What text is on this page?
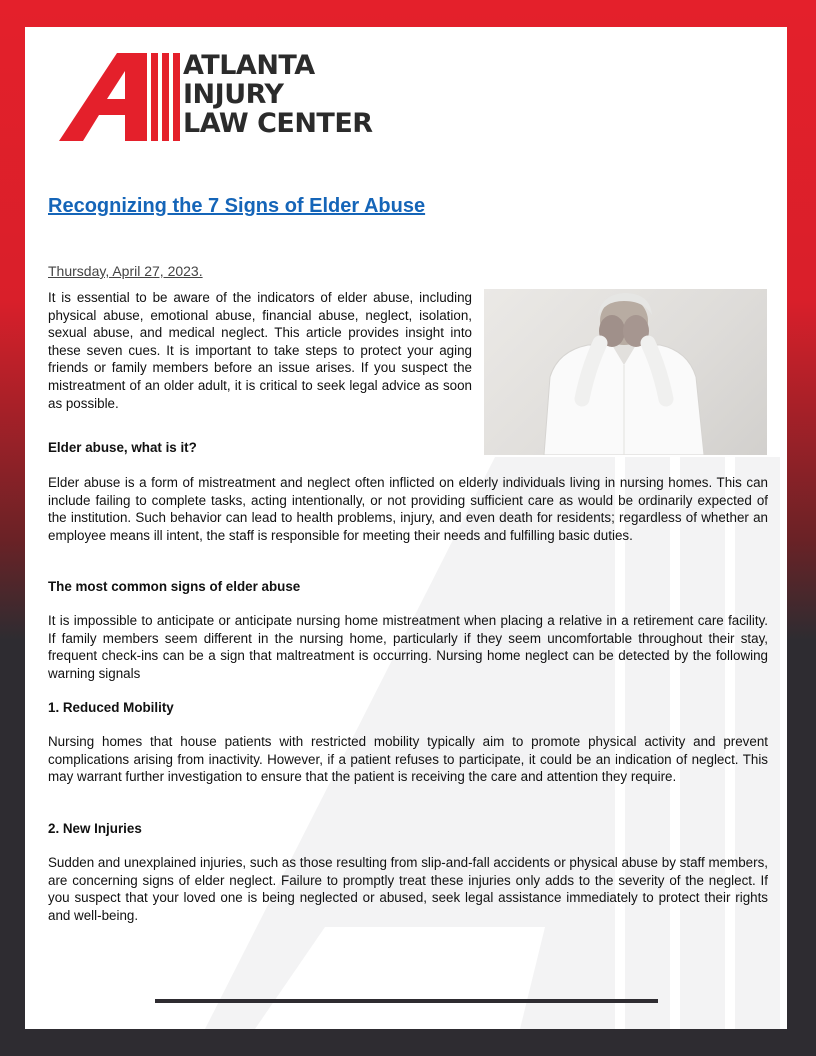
ATLANTA
INJURY
LAW CENTER
Recognizing the 7 Signs of Elder Abuse
Thursday, April 27, 2023.

It is essential to be aware of the indicators of elder abuse, including physical abuse, emotional abuse, financial abuse, neglect, isolation, sexual abuse, and medical neglect. This article provides insight into these seven cues. It is important to take steps to protect your aging friends or family members before an issue arises. If you suspect the mistreatment of an older adult, it is critical to seek legal advice as soon as possible.

Elder abuse, what is it?

Elder abuse is a form of mistreatment and neglect often inflicted on elderly individuals living in nursing homes. This can include failing to complete tasks, acting intentionally, or not providing sufficient care as would be ordinarily expected of the institution. Such behavior can lead to health problems, injury, and even death for residents; regardless of whether an employee means ill intent, the staff is responsible for meeting their needs and fulfilling basic duties.

The most common signs of elder abuse

It is impossible to anticipate or anticipate nursing home mistreatment when placing a relative in a retirement care facility. If family members seem different in the nursing home, particularly if they seem uncomfortable throughout their stay, frequent check-ins can be a sign that maltreatment is occurring. Nursing home neglect can be detected by the following warning signals

1. Reduced Mobility

Nursing homes that house patients with restricted mobility typically aim to promote physical activity and prevent complications arising from inactivity. However, if a patient refuses to participate, it could be an indication of neglect. This may warrant further investigation to ensure that the patient is receiving the care and attention they require.

2. New Injuries

Sudden and unexplained injuries, such as those resulting from slip-and-fall accidents or physical abuse by staff members, are concerning signs of elder neglect. Failure to promptly treat these injuries only adds to the severity of the neglect. If you suspect that your loved one is being neglected or abused, seek legal assistance immediately to protect their rights and well-being.
